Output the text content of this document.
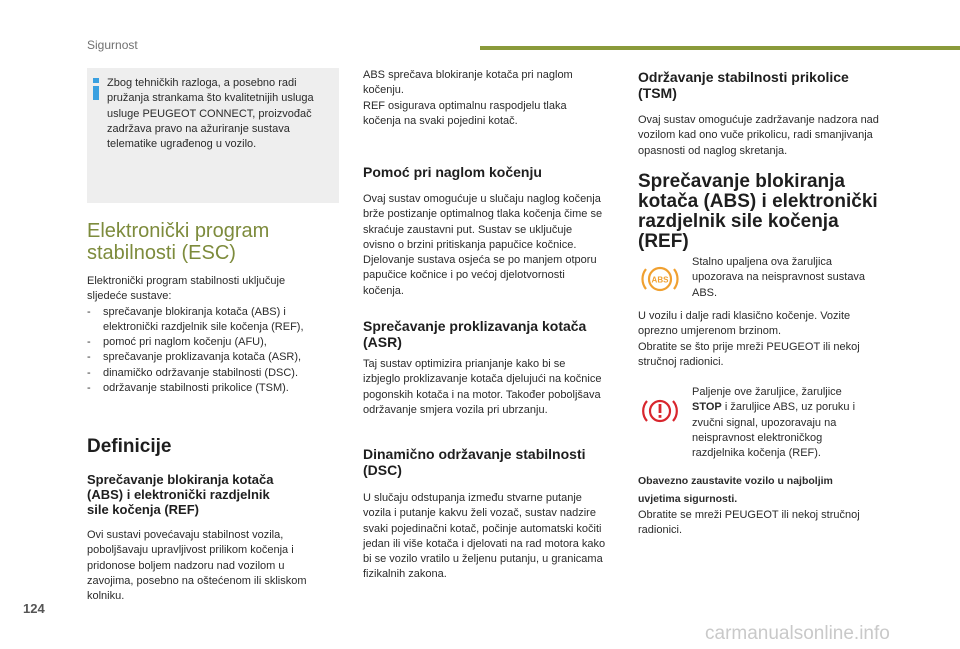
Sigurnost
Zbog tehničkih razloga, a posebno radi pružanja strankama što kvalitetnijih usluga usluge PEUGEOT CONNECT, proizvođač zadržava pravo na ažuriranje sustava telematike ugrađenog u vozilo.
Elektronički program
stabilnosti (ESC)
Elektronički program stabilnosti uključuje
sljedeće sustave:
- sprečavanje blokiranja kotača (ABS) i elektronički razdjelnik sile kočenja (REF),
- pomoć pri naglom kočenju (AFU),
- sprečavanje proklizavanja kotača (ASR),
- dinamičko održavanje stabilnosti (DSC).
- održavanje stabilnosti prikolice (TSM).
Definicije
Sprečavanje blokiranja kotača
(ABS) i elektronički razdjelnik
sile kočenja (REF)
Ovi sustavi povećavaju stabilnost vozila, poboljšavaju upravljivost prilikom kočenja i pridonose boljem nadzoru nad vozilom u zavojima, posebno na oštećenom ili skliskom kolniku.
ABS sprečava blokiranje kotača pri naglom kočenju.
REF osigurava optimalnu raspodjelu tlaka kočenja na svaki pojedini kotač.
Pomoć pri naglom kočenju
Ovaj sustav omogućuje u slučaju naglog kočenja brže postizanje optimalnog tlaka kočenja čime se skraćuje zaustavni put. Sustav se uključuje ovisno o brzini pritiskanja papučice kočnice. Djelovanje sustava osjeća se po manjem otporu papučice kočnice i po većoj djelotvornosti kočenja.
Sprečavanje proklizavanja kotača
(ASR)
Taj sustav optimizira prianjanje kako bi se izbjeglo proklizavanje kotača djelujući na kočnice pogonskih kotača i na motor. Također poboljšava održavanje smjera vozila pri ubrzanju.
Dinamično održavanje stabilnosti
(DSC)
U slučaju odstupanja između stvarne putanje vozila i putanje kakvu želi vozač, sustav nadzire svaki pojedinačni kotač, počinje automatski kočiti jedan ili više kotača i djelovati na rad motora kako bi se vozilo vratilo u željenu putanju, u granicama fizikalnih zakona.
Održavanje stabilnosti prikolice
(TSM)
Ovaj sustav omogućuje zadržavanje nadzora nad vozilom kad ono vuče prikolicu, radi smanjivanja opasnosti od naglog skretanja.
Sprečavanje blokiranja
kotača (ABS) i elektronički
razdjelnik sile kočenja
(REF)
ABS
Stalno upaljena ova žaruljica upozorava na neispravnost sustava ABS.
U vozilu i dalje radi klasično kočenje. Vozite oprezno umjerenom brzinom.
Obratite se što prije mreži PEUGEOT ili nekoj stručnoj radionici.
Paljenje ove žaruljice, žaruljice STOP i žaruljice ABS, uz poruku i zvučni signal, upozoravaju na neispravnost elektroničkog razdjelnika kočenja (REF).
Obavezno zaustavite vozilo u najboljim
uvjetima sigurnosti.
Obratite se mreži PEUGEOT ili nekoj stručnoj radionici.
124
carmanualsonline.info
